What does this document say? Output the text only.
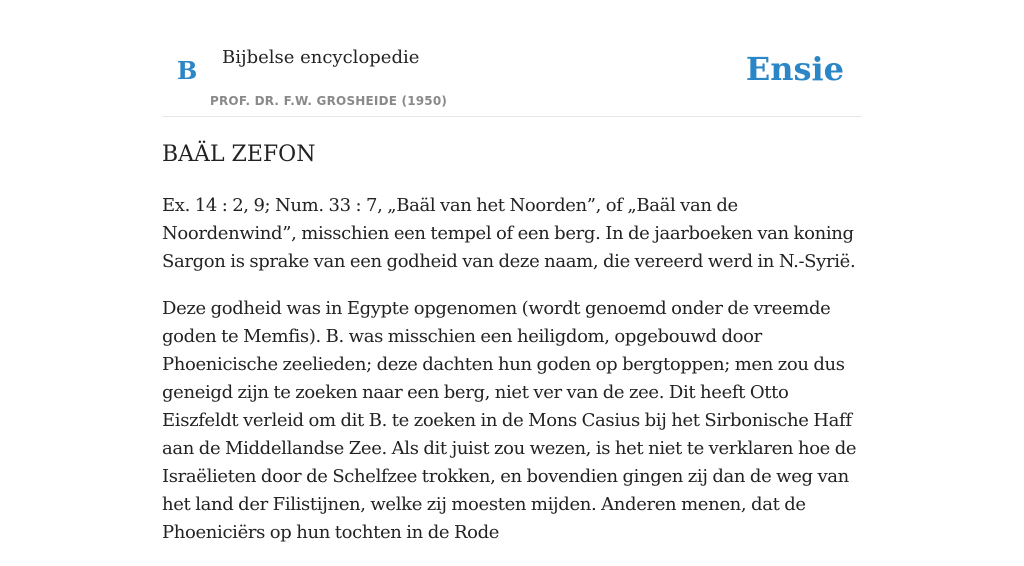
B Bijbelse encyclopedie
PROF. DR. F.W. GROSHEIDE (1950)
Ensie
BAÄL ZEFON

Ex. 14 : 2, 9; Num. 33 : 7, „Baäl van het Noorden”, of „Baäl van de Noordenwind”, misschien een tempel of een berg. In de jaarboeken van koning Sargon is sprake van een godheid van deze naam, die vereerd werd in N.-Syrië.

Deze godheid was in Egypte opgenomen (wordt genoemd onder de vreemde goden te Memfis). B. was misschien een heiligdom, opgebouwd door Phoenicische zeelieden; deze dachten hun goden op bergtoppen; men zou dus geneigd zijn te zoeken naar een berg, niet ver van de zee. Dit heeft Otto Eiszfeldt verleid om dit B. te zoeken in de Mons Casius bij het Sirbonische Haff aan de Middellandse Zee. Als dit juist zou wezen, is het niet te verklaren hoe de Israëlieten door de Schelfzee trokken, en bovendien gingen zij dan de weg van het land der Filistijnen, welke zij moesten mijden. Anderen menen, dat de Phoeniciërs op hun tochten in de Rode
